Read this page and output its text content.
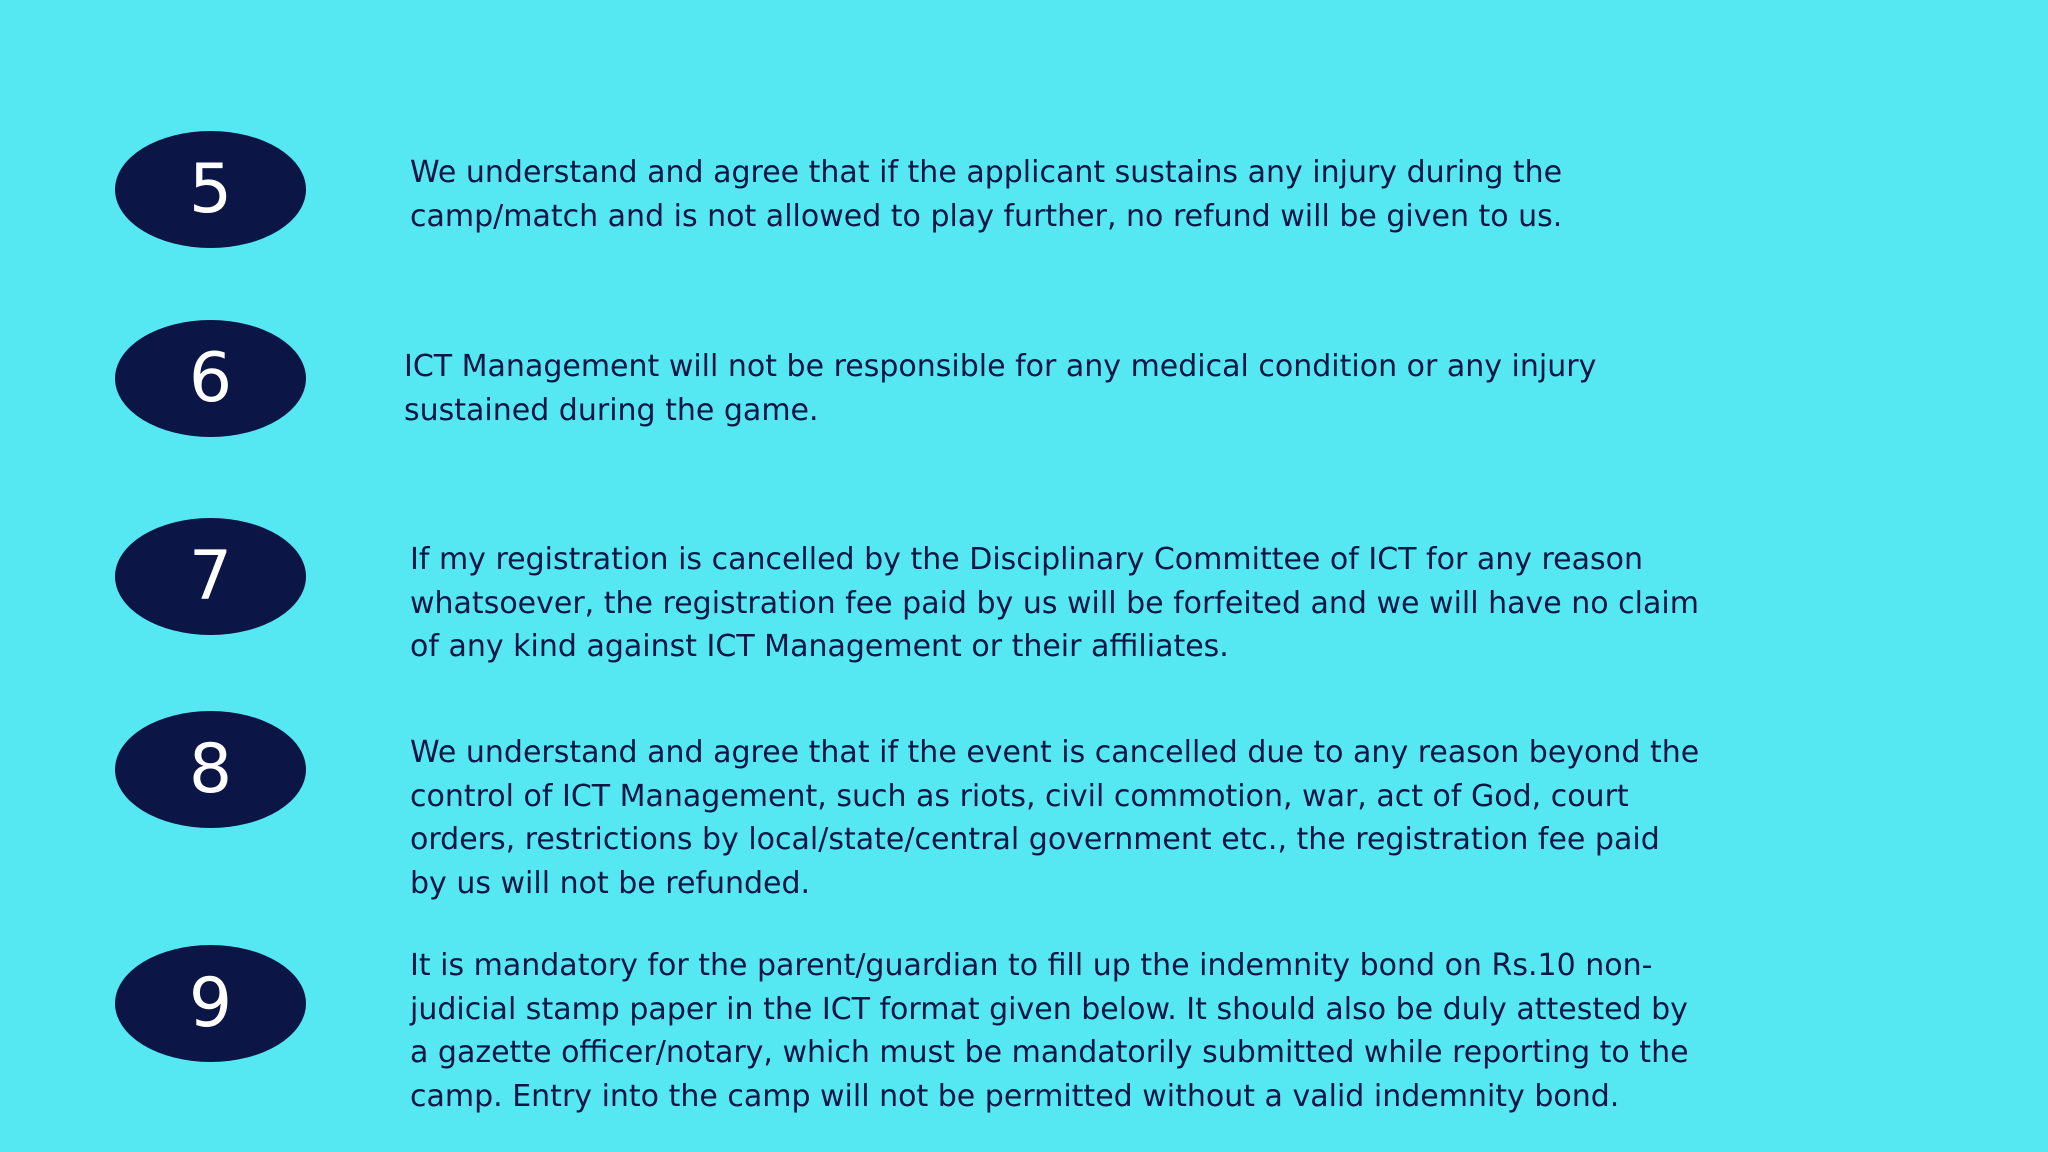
5	We understand and agree that if the applicant sustains any injury during the
camp/match and is not allowed to play further, no refund will be given to us.

6	ICT Management will not be responsible for any medical condition or any injury
sustained during the game.

7	If my registration is cancelled by the Disciplinary Committee of ICT for any reason
whatsoever, the registration fee paid by us will be forfeited and we will have no claim
of any kind against ICT Management or their affiliates.

8	We understand and agree that if the event is cancelled due to any reason beyond the
control of ICT Management, such as riots, civil commotion, war, act of God, court
orders, restrictions by local/state/central government etc., the registration fee paid
by us will not be refunded.

9	It is mandatory for the parent/guardian to fill up the indemnity bond on Rs.10 non-
judicial stamp paper in the ICT format given below. It should also be duly attested by
a gazette officer/notary, which must be mandatorily submitted while reporting to the
camp. Entry into the camp will not be permitted without a valid indemnity bond.
